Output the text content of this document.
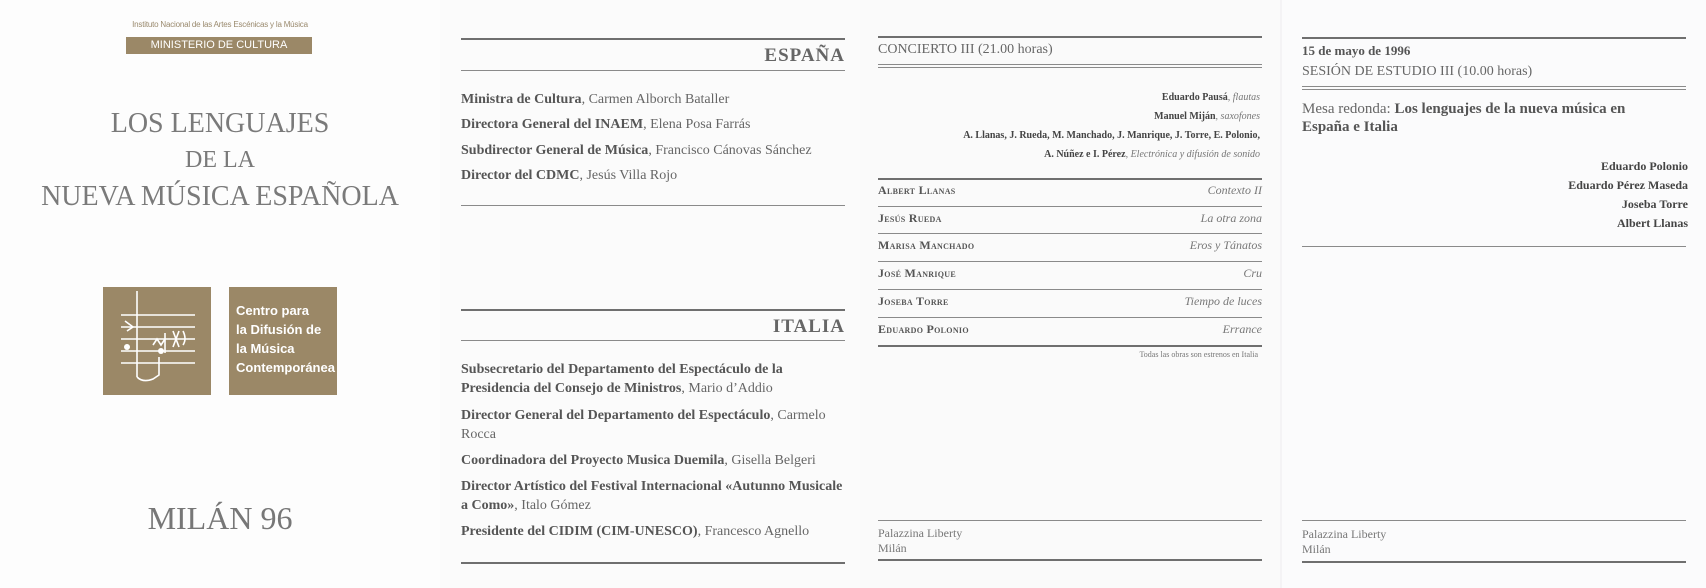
Instituto Nacional de las Artes Escénicas y la Música
MINISTERIO DE CULTURA
LOS LENGUAJES
DE LA
NUEVA MÚSICA ESPAÑOLA
Centro para
la Difusión de
la Música
Contemporánea
MILÁN 96
ESPAÑA
Ministra de Cultura, Carmen Alborch Bataller
Directora General del INAEM, Elena Posa Farrás
Subdirector General de Música, Francisco Cánovas Sánchez
Director del CDMC, Jesús Villa Rojo
ITALIA
Subsecretario del Departamento del Espectáculo de la Presidencia del Consejo de Ministros, Mario d’Addio
Director General del Departamento del Espectáculo, Carmelo Rocca
Coordinadora del Proyecto Musica Duemila, Gisella Belgeri
Director Artístico del Festival Internacional «Autunno Musicale a Como», Italo Gómez
Presidente del CIDIM (CIM-UNESCO), Francesco Agnello
CONCIERTO III (21.00 horas)
Eduardo Pausá, flautas
Manuel Miján, saxofones
A. Llanas, J. Rueda, M. Manchado, J. Manrique, J. Torre, E. Polonio,
A. Núñez e I. Pérez, Electrónica y difusión de sonido
Albert Llanas	Contexto II
Jesús Rueda	La otra zona
Marisa Manchado	Eros y Tánatos
José Manrique	Cru
Joseba Torre	Tiempo de luces
Eduardo Polonio	Errance
Todas las obras son estrenos en Italia
Palazzina Liberty
Milán
15 de mayo de 1996
SESIÓN DE ESTUDIO III (10.00 horas)
Mesa redonda: Los lenguajes de la nueva música en España e Italia
Eduardo Polonio
Eduardo Pérez Maseda
Joseba Torre
Albert Llanas
Palazzina Liberty
Milán
